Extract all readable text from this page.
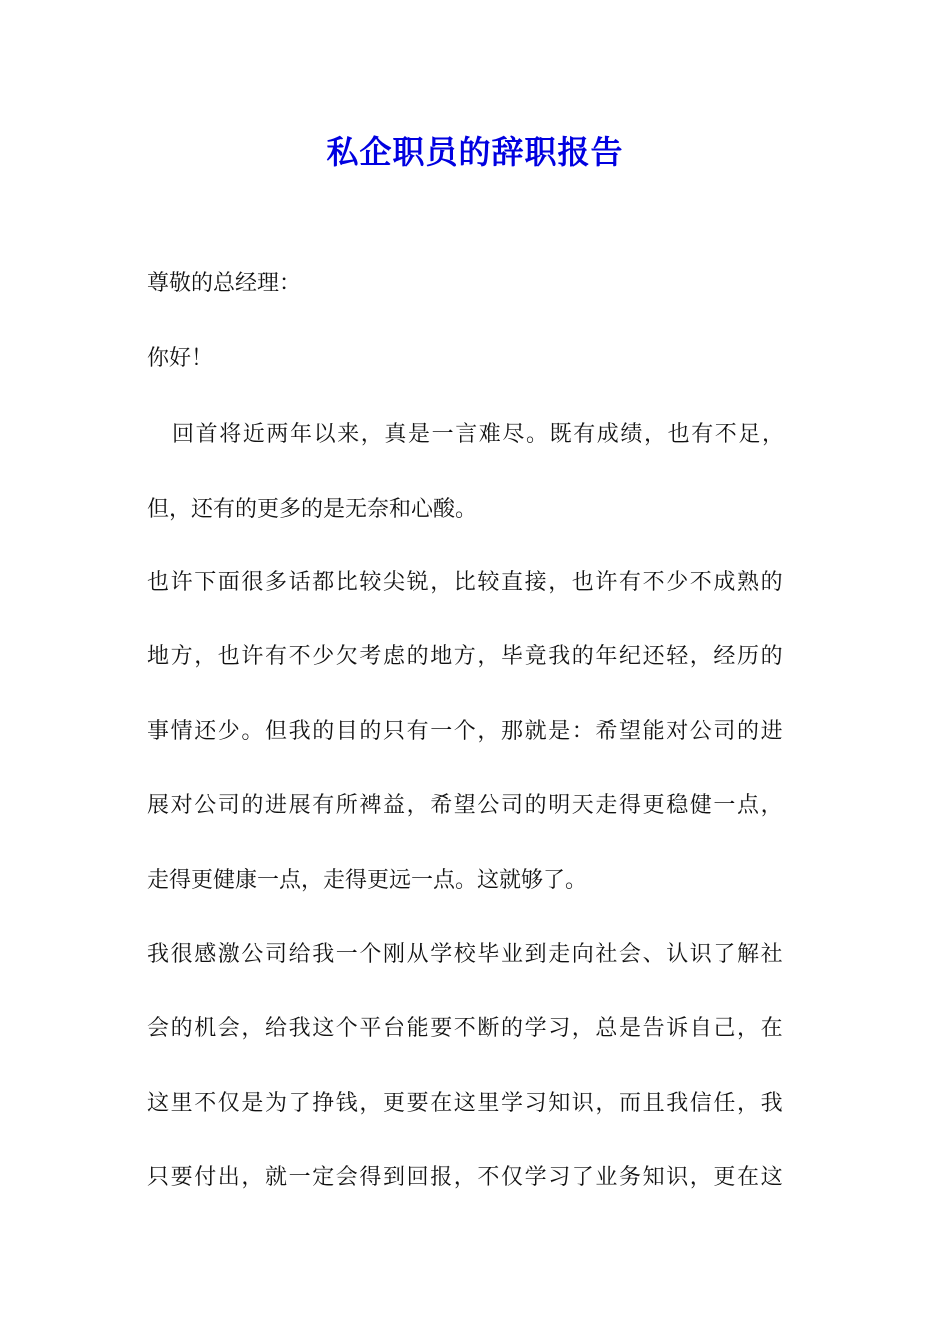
私企职员的辞职报告

尊敬的总经理：

你好！

回首将近两年以来，真是一言难尽。既有成绩，也有不足，

但，还有的更多的是无奈和心酸。

也许下面很多话都比较尖锐，比较直接，也许有不少不成熟的

地方，也许有不少欠考虑的地方，毕竟我的年纪还轻，经历的

事情还少。但我的目的只有一个，那就是：希望能对公司的进

展对公司的进展有所裨益，希望公司的明天走得更稳健一点，

走得更健康一点，走得更远一点。这就够了。

我很感激公司给我一个刚从学校毕业到走向社会、认识了解社

会的机会，给我这个平台能要不断的学习，总是告诉自己，在

这里不仅是为了挣钱，更要在这里学习知识，而且我信任，我

只要付出，就一定会得到回报，不仅学习了业务知识，更在这
